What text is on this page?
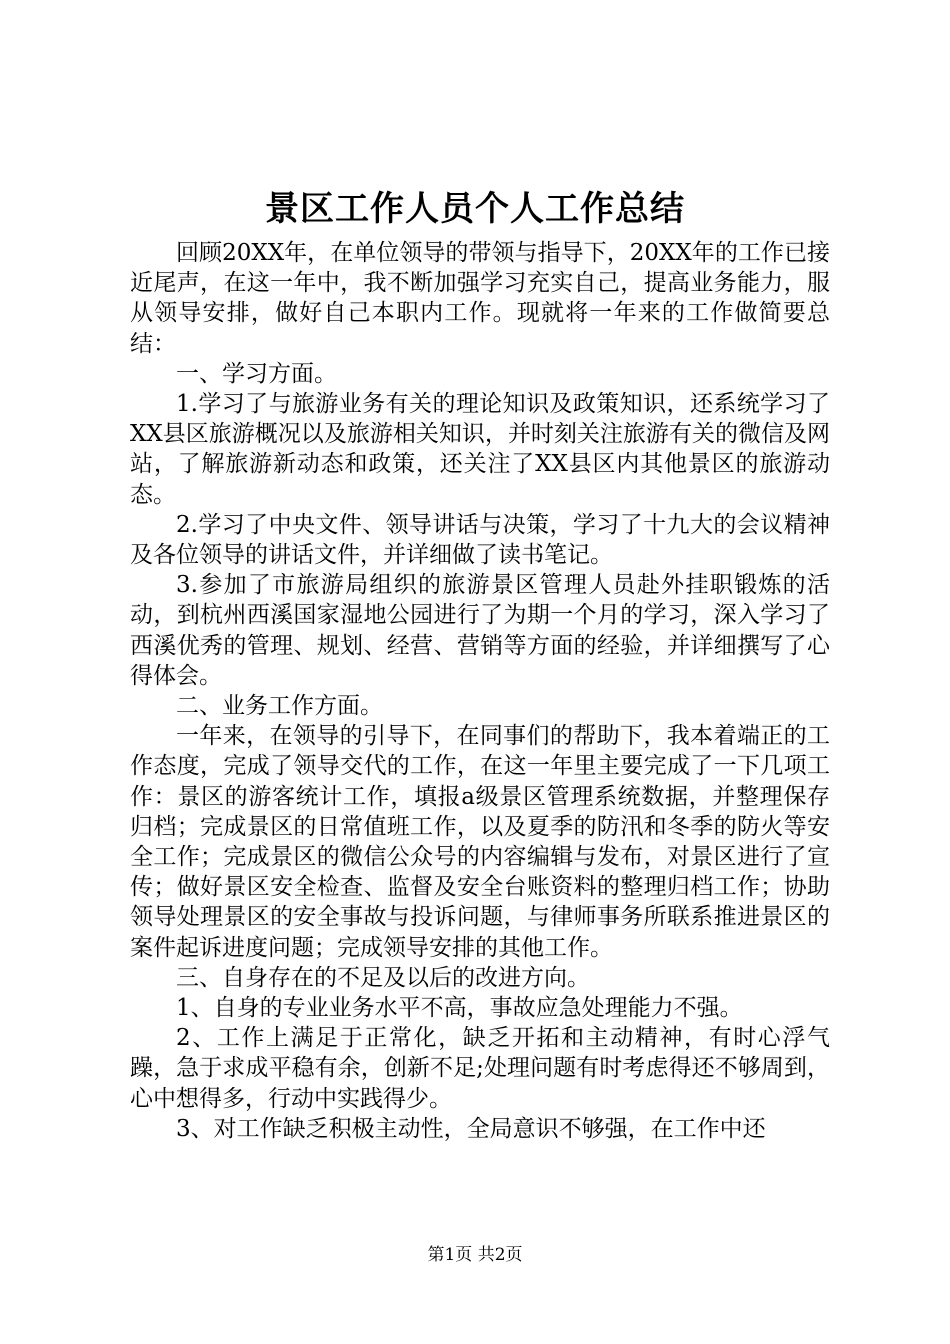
景区工作人员个人工作总结

回顾20XX年，在单位领导的带领与指导下，20XX年的工作已接近尾声，在这一年中，我不断加强学习充实自己，提高业务能力，服从领导安排，做好自己本职内工作。现就将一年来的工作做简要总结：

一、学习方面。

1.学习了与旅游业务有关的理论知识及政策知识，还系统学习了XX县区旅游概况以及旅游相关知识，并时刻关注旅游有关的微信及网站，了解旅游新动态和政策，还关注了XX县区内其他景区的旅游动态。

2.学习了中央文件、领导讲话与决策，学习了十九大的会议精神及各位领导的讲话文件，并详细做了读书笔记。

3.参加了市旅游局组织的旅游景区管理人员赴外挂职锻炼的活动，到杭州西溪国家湿地公园进行了为期一个月的学习，深入学习了西溪优秀的管理、规划、经营、营销等方面的经验，并详细撰写了心得体会。

二、业务工作方面。

一年来，在领导的引导下，在同事们的帮助下，我本着端正的工作态度，完成了领导交代的工作，在这一年里主要完成了一下几项工作：景区的游客统计工作，填报a级景区管理系统数据，并整理保存归档；完成景区的日常值班工作，以及夏季的防汛和冬季的防火等安全工作；完成景区的微信公众号的内容编辑与发布，对景区进行了宣传；做好景区安全检查、监督及安全台账资料的整理归档工作；协助领导处理景区的安全事故与投诉问题，与律师事务所联系推进景区的案件起诉进度问题；完成领导安排的其他工作。

三、自身存在的不足及以后的改进方向。

1、自身的专业业务水平不高，事故应急处理能力不强。

2、工作上满足于正常化，缺乏开拓和主动精神，有时心浮气躁，急于求成平稳有余，创新不足;处理问题有时考虑得还不够周到，心中想得多，行动中实践得少。

3、对工作缺乏积极主动性，全局意识不够强，在工作中还

第1页 共2页
